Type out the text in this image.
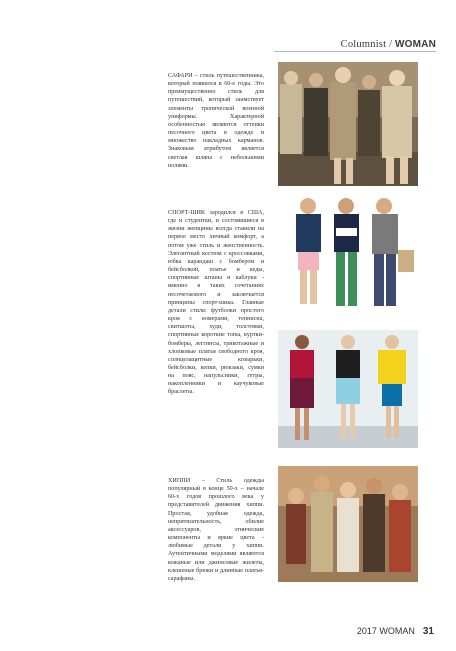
Columnist / WOMAN
САФАРИ – стиль путешественника, который появился в 60-е годы. Это преимущественно стиль для путешествий, который заимствует элементы тропической военной униформы. Характерной особенностью являются оттенки песочного цвета в одежде и множество накладных карманов. Знаковым атрибутом является светлая шляпа с небольшими полями.
СПОРТ-ШИК зародился в США, где и студентки, и состоявшиеся в жизни женщины всегда ставили на первое место личный комфорт, а потом уже стиль и женственность. Элегантный костюм с кроссовками, юбка карандаш с бомбером и бейсболкой, платье и кеды, спортивные штаны и каблуки - именно в таких сочетаниях несочетаемого и заключается принципы спорт-шика. Главные детали стиля: футболки простого кроя с номерами, теннискu, свитшоты, худи, толстовки, спортивные короткие топы, куртки-бомберы, леггинсы, трикотажные и хлопковые платья свободного кроя, солнцезащитные козырьки, бейсболки, кепки, рюкзаки, сумки на пояс, напульсники, гетры, накопленники и каучуковые браслеты.
ХИППИ – Стиль одежды популярный в конце 50-х – начале 60-х годов прошлого века у представителей движения хиппи. Простая, удобная одежда, непритязательность, обилие аксессуаров, этнические компоненты и яркие цвета - любимые детали у хиппи. Аутентичными моделями являются кожаные или джинсовые жилеты, клешеные брюки и длинные платья-сарафаны.
2017 WOMAN 31
